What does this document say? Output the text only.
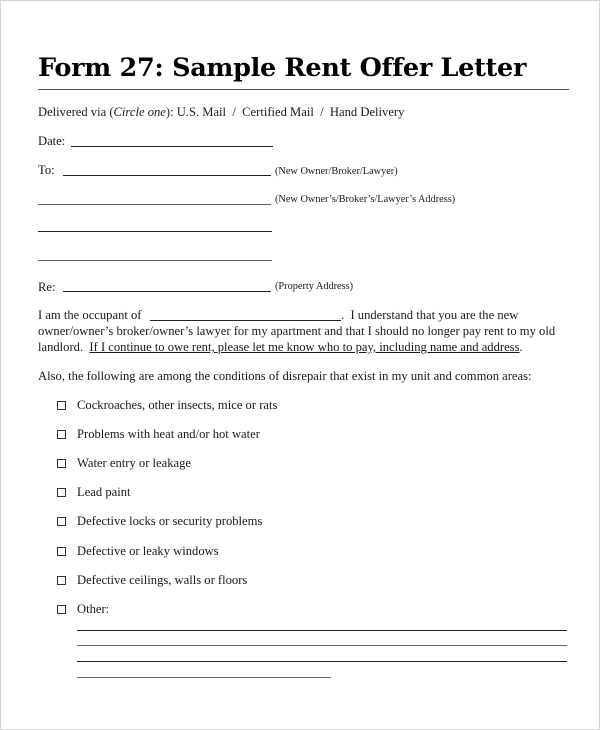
Form 27: Sample Rent Offer Letter
Delivered via (Circle one): U.S. Mail  /  Certified Mail  /  Hand Delivery
Date:
To:	(New Owner/Broker/Lawyer)
(New Owner’s/Broker’s/Lawyer’s Address)
Re:	(Property Address)
I am the occupant of	.  I understand that you are the new
owner/owner’s broker/owner’s lawyer for my apartment and that I should no longer pay rent to my old
landlord.  If I continue to owe rent, please let me know who to pay, including name and address.
Also, the following are among the conditions of disrepair that exist in my unit and common areas:
Cockroaches, other insects, mice or rats
Problems with heat and/or hot water
Water entry or leakage
Lead paint
Defective locks or security problems
Defective or leaky windows
Defective ceilings, walls or floors
Other:
